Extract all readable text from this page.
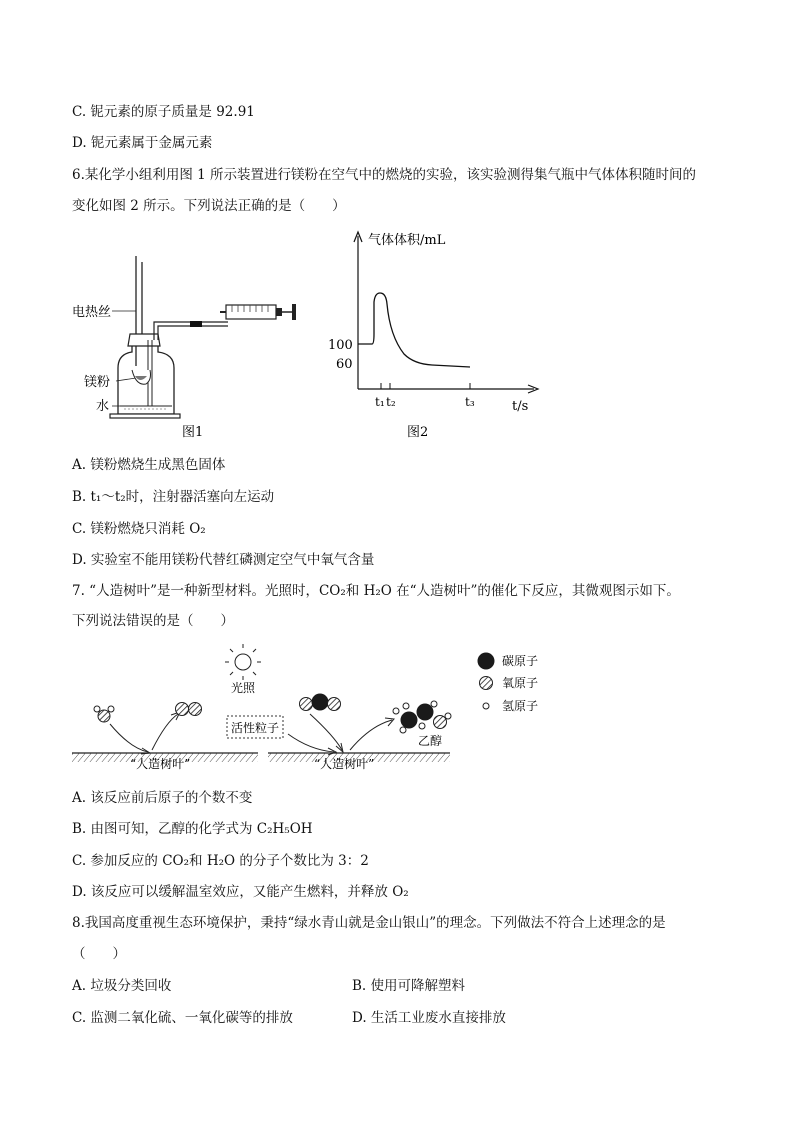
C. 铌元素的原子质量是 92.91
D. 铌元素属于金属元素
6.某化学小组利用图 1 所示装置进行镁粉在空气中的燃烧的实验，该实验测得集气瓶中气体体积随时间的
变化如图 2 所示。下列说法正确的是（　　）
电热丝
镁粉
水
图1
气体体积/mL
t/s
100
60
t₁ t₂	t₃
图2
A. 镁粉燃烧生成黑色固体
B. t₁～t₂时，注射器活塞向左运动
C. 镁粉燃烧只消耗 O₂
D. 实验室不能用镁粉代替红磷测定空气中氧气含量
7. “人造树叶”是一种新型材料。光照时，CO₂和 H₂O 在“人造树叶”的催化下反应，其微观图示如下。
下列说法错误的是（　　）
光照
“人造树叶”	“人造树叶”
活性粒子
乙醇
碳原子
氧原子
氢原子
A. 该反应前后原子的个数不变
B. 由图可知，乙醇的化学式为 C₂H₅OH
C. 参加反应的 CO₂和 H₂O 的分子个数比为 3：2
D. 该反应可以缓解温室效应，又能产生燃料，并释放 O₂
8.我国高度重视生态环境保护，秉持“绿水青山就是金山银山”的理念。下列做法不符合上述理念的是
（　　）
A. 垃圾分类回收	B. 使用可降解塑料
C. 监测二氧化硫、一氧化碳等的排放	D. 生活工业废水直接排放
